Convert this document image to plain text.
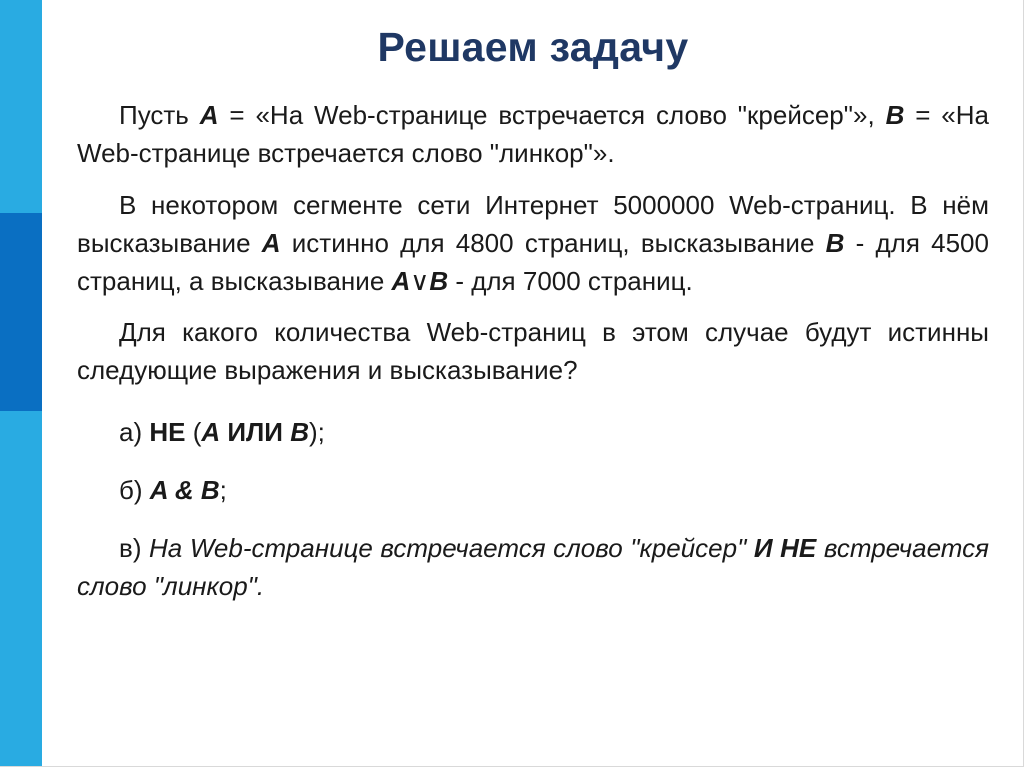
Решаем задачу

Пусть A = «На Web-странице встречается слово "крейсер"», B = «На Web-странице встречается слово "линкор"».

В некотором сегменте сети Интернет 5000000 Web-страниц. В нём высказывание A истинно для 4800 страниц, высказывание B - для 4500 страниц, а высказывание A∨B - для 7000 страниц.

Для какого количества Web-страниц в этом случае будут истинны следующие выражения и высказывание?

а) НЕ (A ИЛИ B);

б) A & B;

в) На Web-странице встречается слово "крейсер" И НЕ встречается слово "линкор".
